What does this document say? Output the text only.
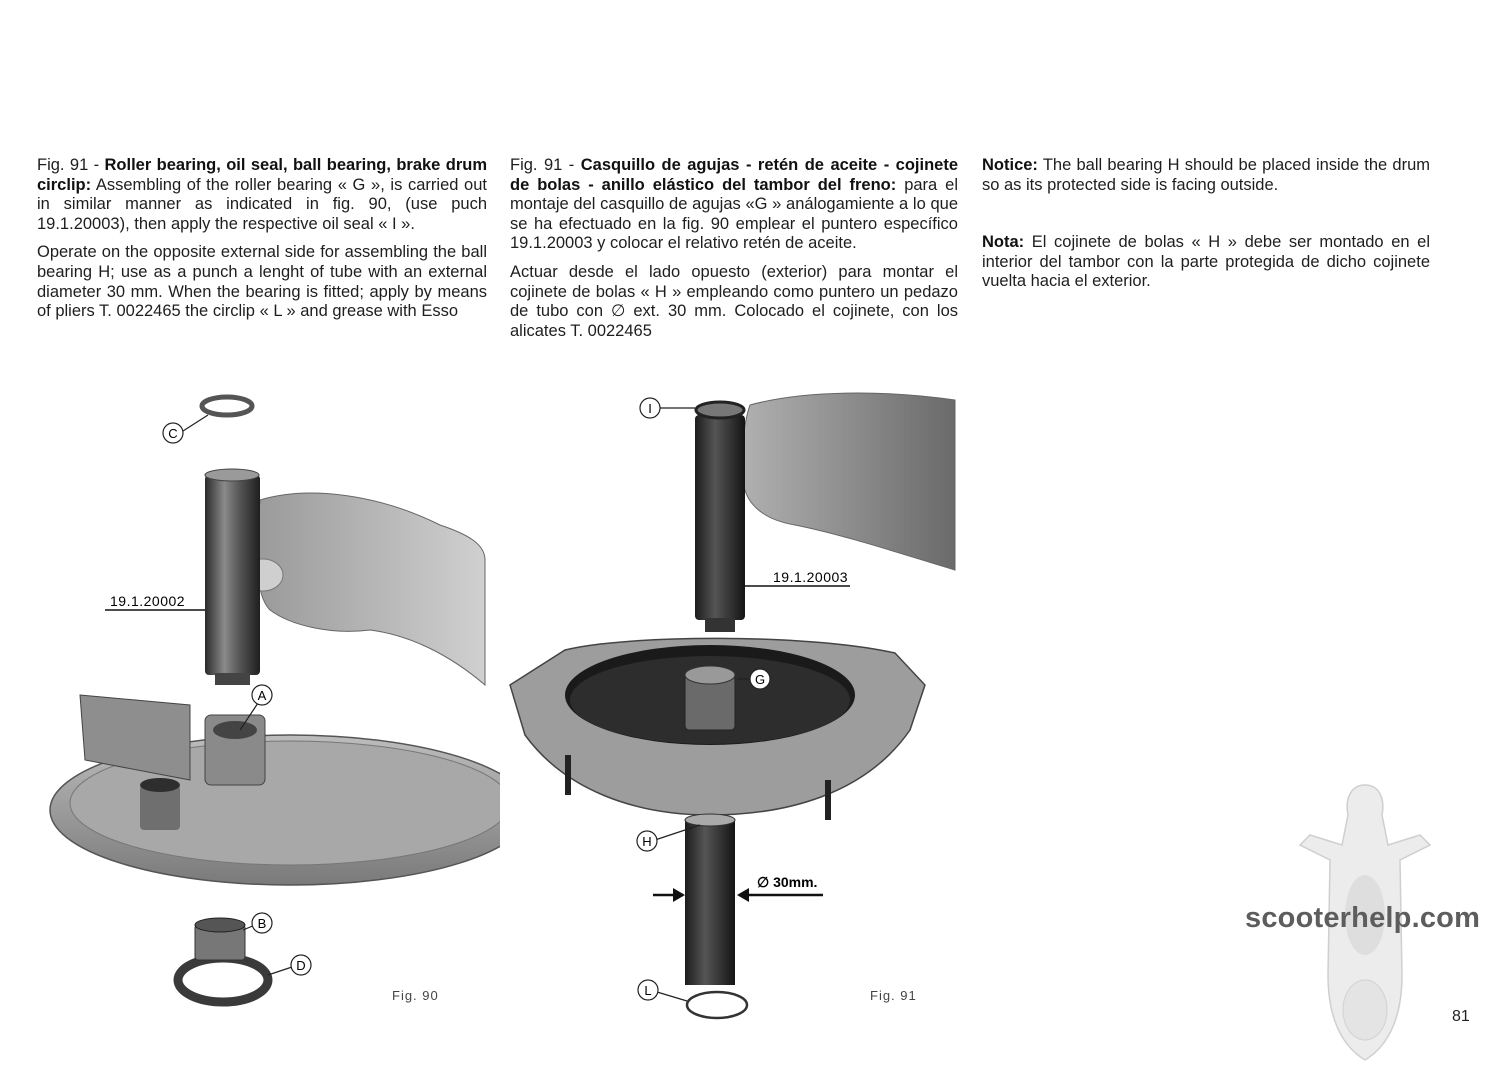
Fig. 91 - Roller bearing, oil seal, ball bearing, brake drum circlip: Assembling of the roller bearing « G », is carried out in similar manner as indicated in fig. 90, (use puch 19.1.20003), then apply the respective oil seal « I ».

Operate on the opposite external side for assembling the ball bearing H; use as a punch a lenght of tube with an external diameter 30 mm. When the bearing is fitted; apply by means of pliers T. 0022465 the circlip « L » and grease with Esso

Fig. 91 - Casquillo de agujas - retén de aceite - cojinete de bolas - anillo elástico del tambor del freno: para el montaje del casquillo de agujas «G » análogamiente a lo que se ha efectuado en la fig. 90 emplear el puntero específico 19.1.20003 y colocar el relativo retén de aceite.

Actuar desde el lado opuesto (exterior) para montar el cojinete de bolas « H » empleando como puntero un pedazo de tubo con ∅ ext. 30 mm. Colocado el cojinete, con los alicates T. 0022465

Notice: The ball bearing H should be placed inside the drum so as its protected side is facing outside.

Nota: El cojinete de bolas « H » debe ser montado en el interior del tambor con la parte protegida de dicho cojinete vuelta hacia el exterior.

C
19.1.20002
A
B
D
Fig. 90
I
19.1.20003
G
H
∅ 30mm.
L	Fig. 91
scooterhelp.com
81
